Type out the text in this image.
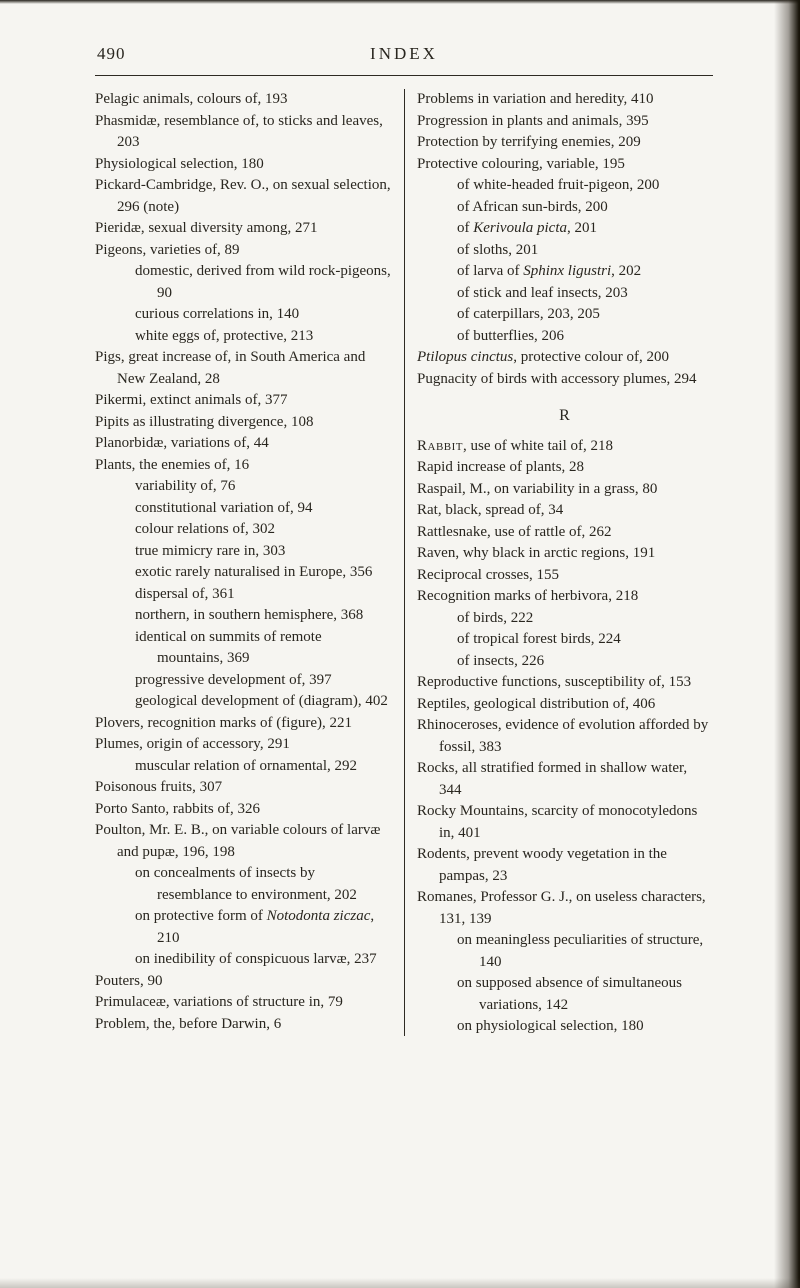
490	INDEX
Pelagic animals, colours of, 193
Phasmidæ, resemblance of, to sticks and leaves, 203
Physiological selection, 180
Pickard-Cambridge, Rev. O., on sexual selection, 296 (note)
Pieridæ, sexual diversity among, 271
Pigeons, varieties of, 89
domestic, derived from wild rock-pigeons, 90
curious correlations in, 140
white eggs of, protective, 213
Pigs, great increase of, in South America and New Zealand, 28
Pikermi, extinct animals of, 377
Pipits as illustrating divergence, 108
Planorbidæ, variations of, 44
Plants, the enemies of, 16
variability of, 76
constitutional variation of, 94
colour relations of, 302
true mimicry rare in, 303
exotic rarely naturalised in Europe, 356
dispersal of, 361
northern, in southern hemisphere, 368
identical on summits of remote mountains, 369
progressive development of, 397
geological development of (diagram), 402
Plovers, recognition marks of (figure), 221
Plumes, origin of accessory, 291
muscular relation of ornamental, 292
Poisonous fruits, 307
Porto Santo, rabbits of, 326
Poulton, Mr. E. B., on variable colours of larvæ and pupæ, 196, 198
on concealments of insects by resemblance to environment, 202
on protective form of Notodonta ziczac, 210
on inedibility of conspicuous larvæ, 237
Pouters, 90
Primulaceæ, variations of structure in, 79
Problem, the, before Darwin, 6
Problems in variation and heredity, 410
Progression in plants and animals, 395
Protection by terrifying enemies, 209
Protective colouring, variable, 195
of white-headed fruit-pigeon, 200
of African sun-birds, 200
of Kerivoula picta, 201
of sloths, 201
of larva of Sphinx ligustri, 202
of stick and leaf insects, 203
of caterpillars, 203, 205
of butterflies, 206
Ptilopus cinctus, protective colour of, 200
Pugnacity of birds with accessory plumes, 294
R
Rabbit, use of white tail of, 218
Rapid increase of plants, 28
Raspail, M., on variability in a grass, 80
Rat, black, spread of, 34
Rattlesnake, use of rattle of, 262
Raven, why black in arctic regions, 191
Reciprocal crosses, 155
Recognition marks of herbivora, 218
of birds, 222
of tropical forest birds, 224
of insects, 226
Reproductive functions, susceptibility of, 153
Reptiles, geological distribution of, 406
Rhinoceroses, evidence of evolution afforded by fossil, 383
Rocks, all stratified formed in shallow water, 344
Rocky Mountains, scarcity of monocotyledons in, 401
Rodents, prevent woody vegetation in the pampas, 23
Romanes, Professor G. J., on useless characters, 131, 139
on meaningless peculiarities of structure, 140
on supposed absence of simultaneous variations, 142
on physiological selection, 180
